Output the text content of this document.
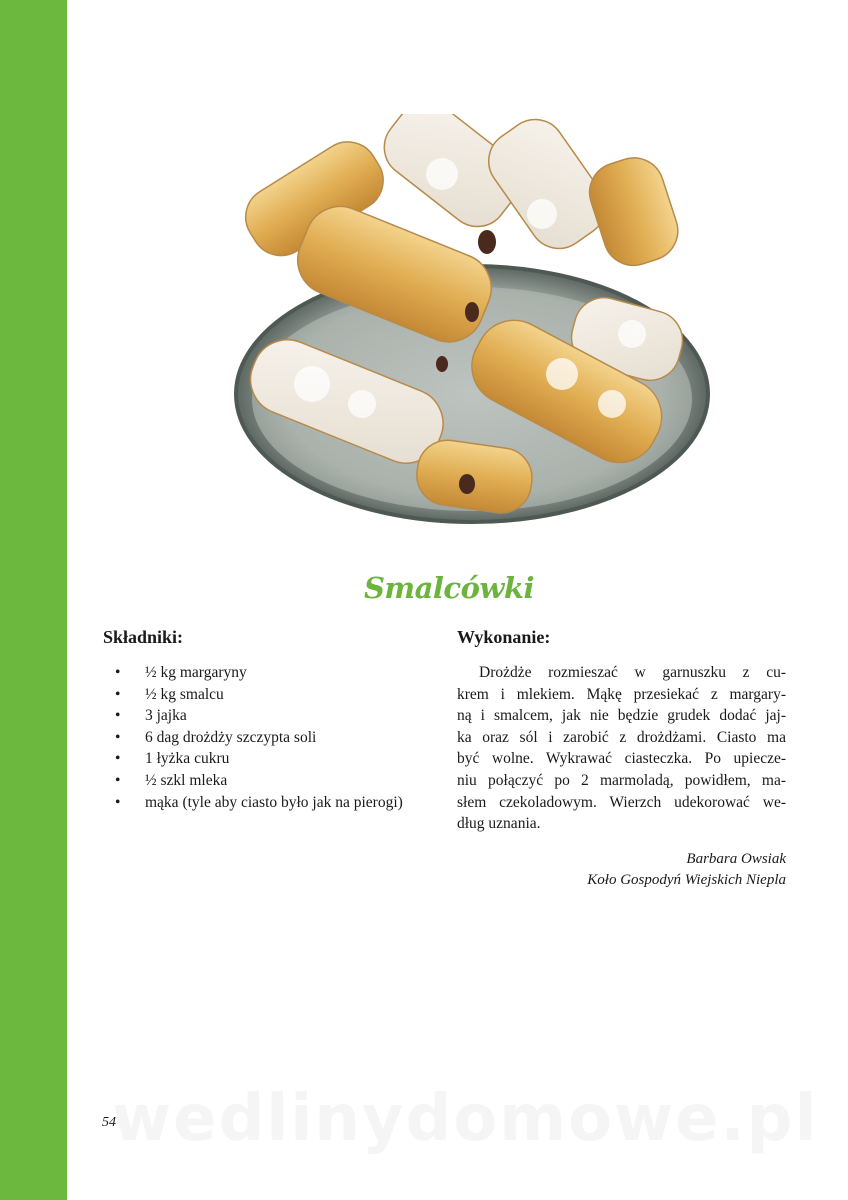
Smalcówki
Składniki:
• ½ kg margaryny
• ½ kg smalcu
• 3 jajka
• 6 dag drożdży szczypta soli
• 1 łyżka cukru
• ½ szkl mleka
• mąka (tyle aby ciasto było jak na pierogi)
Wykonanie:
Drożdże rozmieszać w garnuszku z cu-
krem i mlekiem. Mąkę przesiekać z margary-
ną i smalcem, jak nie będzie grudek dodać jaj-
ka oraz sól i zarobić z drożdżami. Ciasto ma
być wolne. Wykrawać ciasteczka. Po upiecze-
niu połączyć po 2 marmoladą, powidłem, ma-
słem czekoladowym. Wierzch udekorować we-
dług uznania.
Barbara Owsiak
Koło Gospodyń Wiejskich Niepla
wedlinydomowe.pl
54
